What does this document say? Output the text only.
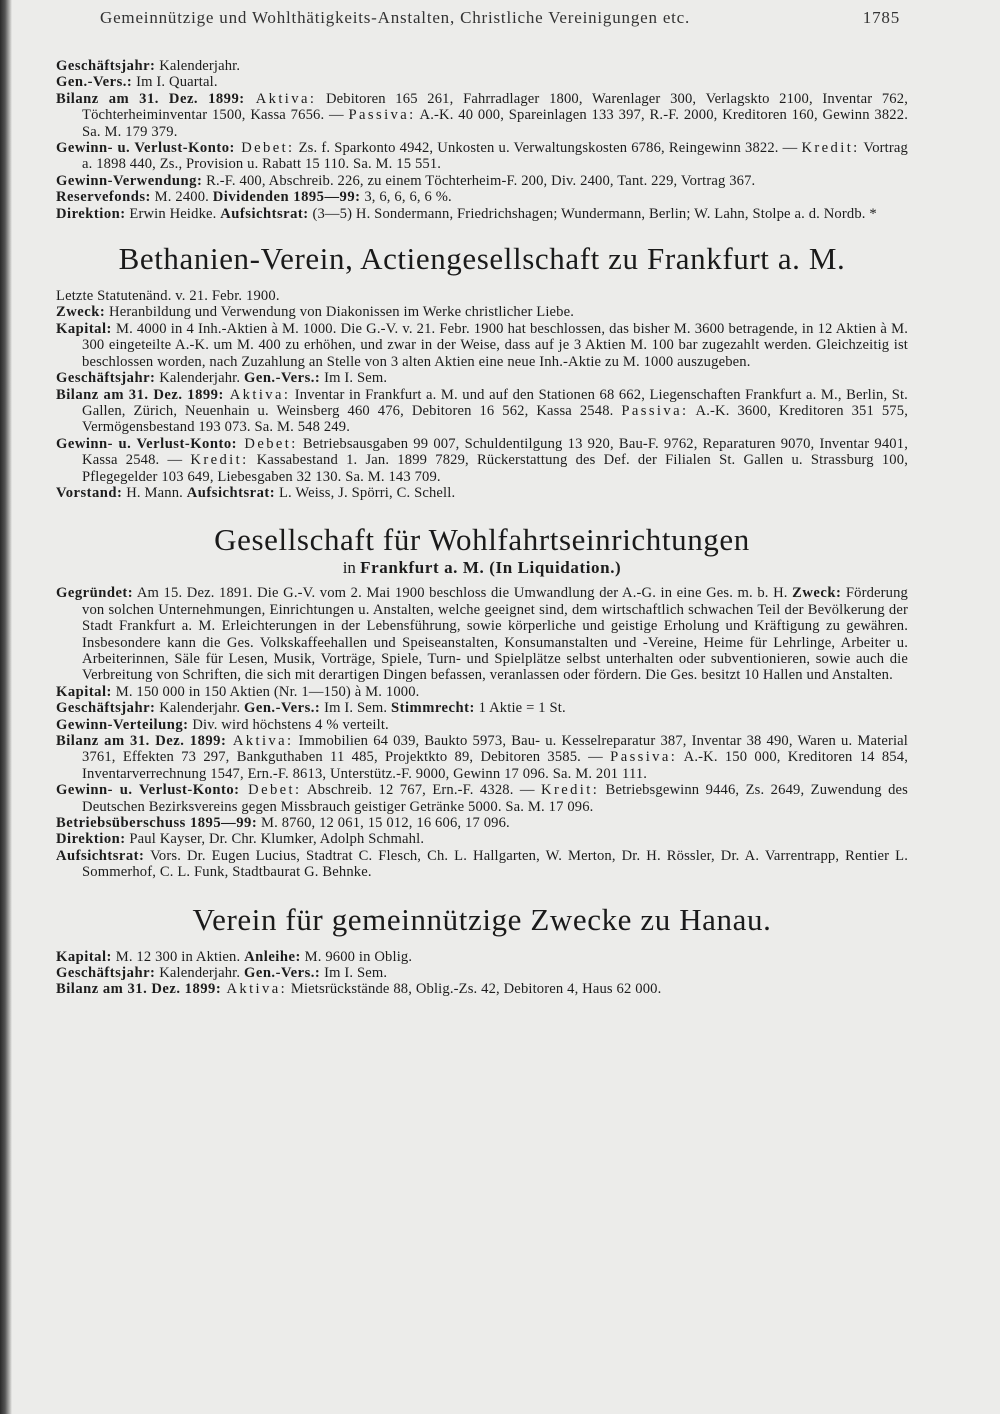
Gemeinnützige und Wohlthätigkeits-Anstalten, Christliche Vereinigungen etc.	1785

Geschäftsjahr: Kalenderjahr.

Gen.-Vers.: Im I. Quartal.

Bilanz am 31. Dez. 1899: Aktiva: Debitoren 165 261, Fahrradlager 1800, Warenlager 300, Verlagskto 2100, Inventar 762, Töchterheiminventar 1500, Kassa 7656. — Passiva: A.-K. 40 000, Spareinlagen 133 397, R.-F. 2000, Kreditoren 160, Gewinn 3822. Sa. M. 179 379.

Gewinn- u. Verlust-Konto: Debet: Zs. f. Sparkonto 4942, Unkosten u. Verwaltungskosten 6786, Reingewinn 3822. — Kredit: Vortrag a. 1898 440, Zs., Provision u. Rabatt 15 110. Sa. M. 15 551.

Gewinn-Verwendung: R.-F. 400, Abschreib. 226, zu einem Töchterheim-F. 200, Div. 2400, Tant. 229, Vortrag 367.

Reservefonds: M. 2400. Dividenden 1895—99: 3, 6, 6, 6, 6 %.

Direktion: Erwin Heidke. Aufsichtsrat: (3—5) H. Sondermann, Friedrichshagen; Wundermann, Berlin; W. Lahn, Stolpe a. d. Nordb. *

Bethanien-Verein, Actiengesellschaft zu Frankfurt a. M.

Letzte Statutenänd. v. 21. Febr. 1900.

Zweck: Heranbildung und Verwendung von Diakonissen im Werke christlicher Liebe.

Kapital: M. 4000 in 4 Inh.-Aktien à M. 1000. Die G.-V. v. 21. Febr. 1900 hat beschlossen, das bisher M. 3600 betragende, in 12 Aktien à M. 300 eingeteilte A.-K. um M. 400 zu erhöhen, und zwar in der Weise, dass auf je 3 Aktien M. 100 bar zugezahlt werden. Gleichzeitig ist beschlossen worden, nach Zuzahlung an Stelle von 3 alten Aktien eine neue Inh.-Aktie zu M. 1000 auszugeben.

Geschäftsjahr: Kalenderjahr. Gen.-Vers.: Im I. Sem.

Bilanz am 31. Dez. 1899: Aktiva: Inventar in Frankfurt a. M. und auf den Stationen 68 662, Liegenschaften Frankfurt a. M., Berlin, St. Gallen, Zürich, Neuenhain u. Weinsberg 460 476, Debitoren 16 562, Kassa 2548. Passiva: A.-K. 3600, Kreditoren 351 575, Vermögensbestand 193 073. Sa. M. 548 249.

Gewinn- u. Verlust-Konto: Debet: Betriebsausgaben 99 007, Schuldentilgung 13 920, Bau-F. 9762, Reparaturen 9070, Inventar 9401, Kassa 2548. — Kredit: Kassabestand 1. Jan. 1899 7829, Rückerstattung des Def. der Filialen St. Gallen u. Strassburg 100, Pflegegelder 103 649, Liebesgaben 32 130. Sa. M. 143 709.

Vorstand: H. Mann. Aufsichtsrat: L. Weiss, J. Spörri, C. Schell.

Gesellschaft für Wohlfahrtseinrichtungen
in Frankfurt a. M. (In Liquidation.)

Gegründet: Am 15. Dez. 1891. Die G.-V. vom 2. Mai 1900 beschloss die Umwandlung der A.-G. in eine Ges. m. b. H. Zweck: Förderung von solchen Unternehmungen, Einrichtungen u. Anstalten, welche geeignet sind, dem wirtschaftlich schwachen Teil der Bevölkerung der Stadt Frankfurt a. M. Erleichterungen in der Lebensführung, sowie körperliche und geistige Erholung und Kräftigung zu gewähren. Insbesondere kann die Ges. Volkskaffeehallen und Speiseanstalten, Konsumanstalten und -Vereine, Heime für Lehrlinge, Arbeiter u. Arbeiterinnen, Säle für Lesen, Musik, Vorträge, Spiele, Turn- und Spielplätze selbst unterhalten oder subventionieren, sowie auch die Verbreitung von Schriften, die sich mit derartigen Dingen befassen, veranlassen oder fördern. Die Ges. besitzt 10 Hallen und Anstalten.

Kapital: M. 150 000 in 150 Aktien (Nr. 1—150) à M. 1000.

Geschäftsjahr: Kalenderjahr. Gen.-Vers.: Im I. Sem. Stimmrecht: 1 Aktie = 1 St.

Gewinn-Verteilung: Div. wird höchstens 4 % verteilt.

Bilanz am 31. Dez. 1899: Aktiva: Immobilien 64 039, Baukto 5973, Bau- u. Kesselreparatur 387, Inventar 38 490, Waren u. Material 3761, Effekten 73 297, Bankguthaben 11 485, Projektkto 89, Debitoren 3585. — Passiva: A.-K. 150 000, Kreditoren 14 854, Inventarverrechnung 1547, Ern.-F. 8613, Unterstütz.-F. 9000, Gewinn 17 096. Sa. M. 201 111.

Gewinn- u. Verlust-Konto: Debet: Abschreib. 12 767, Ern.-F. 4328. — Kredit: Betriebsgewinn 9446, Zs. 2649, Zuwendung des Deutschen Bezirksvereins gegen Missbrauch geistiger Getränke 5000. Sa. M. 17 096.

Betriebsüberschuss 1895—99: M. 8760, 12 061, 15 012, 16 606, 17 096.

Direktion: Paul Kayser, Dr. Chr. Klumker, Adolph Schmahl.

Aufsichtsrat: Vors. Dr. Eugen Lucius, Stadtrat C. Flesch, Ch. L. Hallgarten, W. Merton, Dr. H. Rössler, Dr. A. Varrentrapp, Rentier L. Sommerhof, C. L. Funk, Stadtbaurat G. Behnke.

Verein für gemeinnützige Zwecke zu Hanau.

Kapital: M. 12 300 in Aktien. Anleihe: M. 9600 in Oblig.

Geschäftsjahr: Kalenderjahr. Gen.-Vers.: Im I. Sem.

Bilanz am 31. Dez. 1899: Aktiva: Mietsrückstände 88, Oblig.-Zs. 42, Debitoren 4, Haus 62 000.
